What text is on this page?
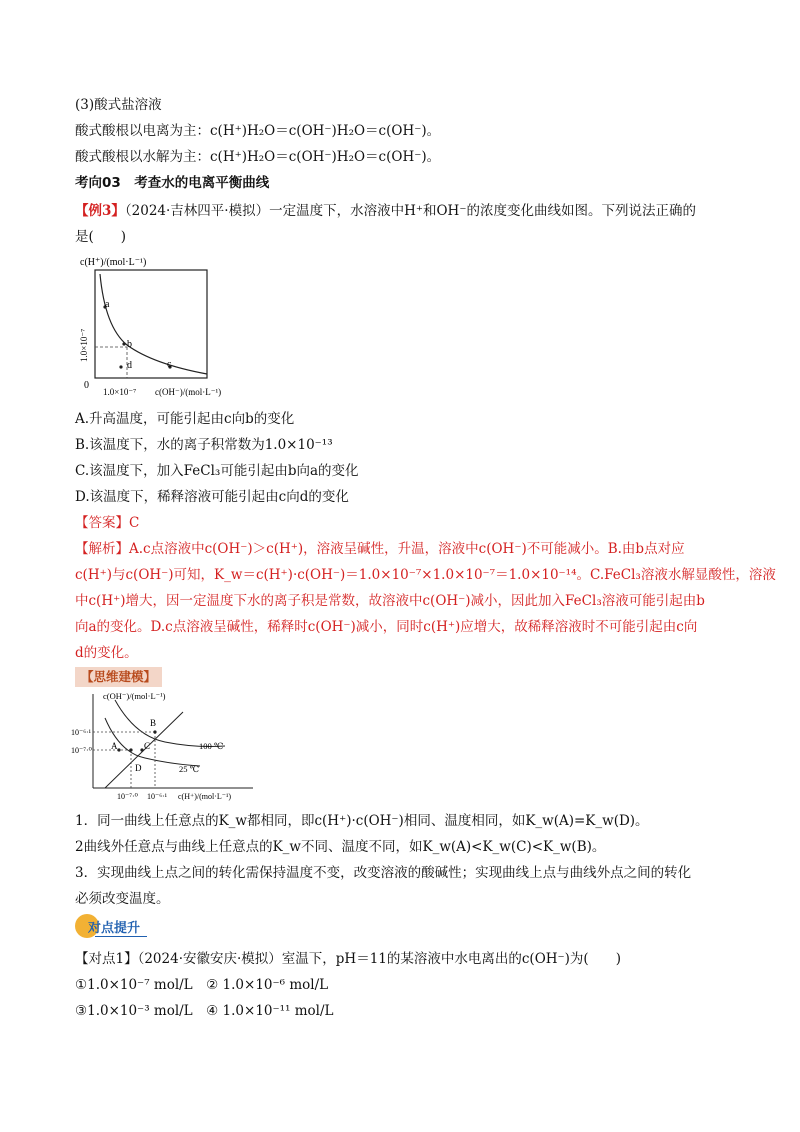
(3)酸式盐溶液
酸式酸根以电离为主：c(H⁺)H₂O＝c(OH⁻)H₂O＝c(OH⁻)。
酸式酸根以水解为主：c(H⁺)H₂O＝c(OH⁻)H₂O＝c(OH⁻)。
考向03　考查水的电离平衡曲线
【例3】（2024·吉林四平·模拟）一定温度下，水溶液中H⁺和OH⁻的浓度变化曲线如图。下列说法正确的
是(　　)
c(H⁺)/(mol·L⁻¹)
a
b
c
d
0
1.0×10⁻⁷
1.0×10⁻⁷ c(OH⁻)/(mol·L⁻¹)
A.升高温度，可能引起由c向b的变化
B.该温度下，水的离子积常数为1.0×10⁻¹³
C.该温度下，加入FeCl₃可能引起由b向a的变化
D.该温度下，稀释溶液可能引起由c向d的变化
【答案】C
【解析】A.c点溶液中c(OH⁻)＞c(H⁺)，溶液呈碱性，升温，溶液中c(OH⁻)不可能减小。B.由b点对应
c(H⁺)与c(OH⁻)可知，K_w＝c(H⁺)·c(OH⁻)＝1.0×10⁻⁷×1.0×10⁻⁷＝1.0×10⁻¹⁴。C.FeCl₃溶液水解显酸性，溶液
中c(H⁺)增大，因一定温度下水的离子积是常数，故溶液中c(OH⁻)减小，因此加入FeCl₃溶液可能引起由b
向a的变化。D.c点溶液呈碱性，稀释时c(OH⁻)减小，同时c(H⁺)应增大，故稀释溶液时不可能引起由c向
d的变化。
【思维建模】
c(OH⁻)/(mol·L⁻¹)
A
B
C
D
10⁻⁶·¹
10⁻⁷·⁰	100 ℃
25 ℃
10⁻⁷·⁰ 10⁻⁶·¹ c(H⁺)/(mol·L⁻¹)
1．同一曲线上任意点的K_w都相同，即c(H⁺)·c(OH⁻)相同、温度相同，如K_w(A)=K_w(D)。
2曲线外任意点与曲线上任意点的K_w不同、温度不同，如K_w(A)<K_w(C)<K_w(B)。
3．实现曲线上点之间的转化需保持温度不变，改变溶液的酸碱性；实现曲线上点与曲线外点之间的转化
必须改变温度。
对点提升
【对点1】（2024·安徽安庆·模拟）室温下，pH＝11的某溶液中水电离出的c(OH⁻)为(　　)
①1.0×10⁻⁷ mol/L　② 1.0×10⁻⁶ mol/L
③1.0×10⁻³ mol/L　④ 1.0×10⁻¹¹ mol/L
